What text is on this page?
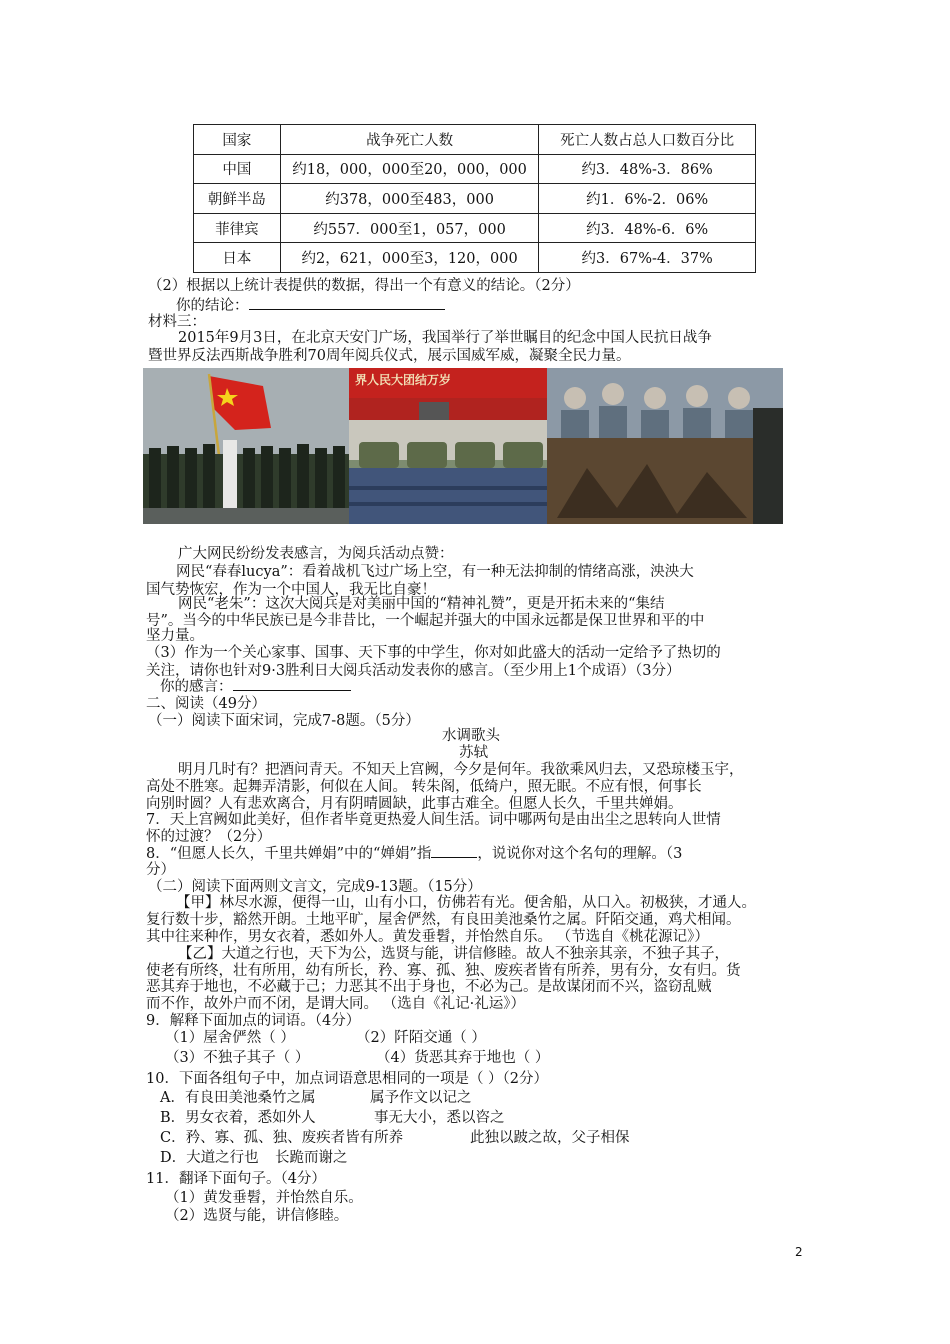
国家	战争死亡人数	死亡人数占总人口数百分比
中国	约18，000，000至20，000，000	约3．48%-3．86%
朝鲜半岛	约378，000至483，000	约1．6%-2．06%
菲律宾	约557．000至1，057，000	约3．48%-6．6%
日本	约2，621，000至3，120，000	约3．67%-4．37%
（2）根据以上统计表提供的数据，得出一个有意义的结论。（2分）
你的结论：
材料三：
2015年9月3日，在北京天安门广场，我国举行了举世瞩目的纪念中国人民抗日战争
暨世界反法西斯战争胜利70周年阅兵仪式，展示国威军威，凝聚全民力量。
界人民大团结万岁
广大网民纷纷发表感言，为阅兵活动点赞：
网民“春春lucya”：看着战机飞过广场上空，有一种无法抑制的情绪高涨，泱泱大
国气势恢宏，作为一个中国人，我无比自豪！
网民“老朱”：这次大阅兵是对美丽中国的“精神礼赞”，更是开拓未来的“集结
号”。当今的中华民族已是今非昔比，一个崛起并强大的中国永远都是保卫世界和平的中
坚力量。
（3）作为一个关心家事、国事、天下事的中学生，你对如此盛大的活动一定给予了热切的
关注，请你也针对9·3胜利日大阅兵活动发表你的感言。（至少用上1个成语）（3分）
你的感言：
二、阅读（49分）
（一）阅读下面宋词，完成7-8题。（5分）
水调歌头
苏轼
明月几时有？把酒问青天。不知天上宫阙，今夕是何年。我欲乘风归去，又恐琼楼玉宇，
高处不胜寒。起舞弄清影，何似在人间。 转朱阁，低绮户，照无眠。不应有恨，何事长
向别时圆？人有悲欢离合，月有阴晴圆缺，此事古难全。但愿人长久，千里共婵娟。
7．天上宫阙如此美好，但作者毕竟更热爱人间生活。词中哪两句是由出尘之思转向人世情
怀的过渡？（2分）
8．“但愿人长久，千里共婵娟”中的“婵娟”指	，说说你对这个名句的理解。（3
分）
（二）阅读下面两则文言文，完成9-13题。（15分）
【甲】林尽水源，便得一山，山有小口，仿佛若有光。便舍船，从口入。初极狭，才通人。
复行数十步，豁然开朗。土地平旷，屋舍俨然，有良田美池桑竹之属。阡陌交通，鸡犬相闻。
其中往来种作，男女衣着，悉如外人。黄发垂髫，并怡然自乐。 （节选自《桃花源记》）
【乙】大道之行也，天下为公，选贤与能，讲信修睦。故人不独亲其亲，不独子其子，
使老有所终，壮有所用，幼有所长，矜、寡、孤、独、废疾者皆有所养，男有分，女有归。货
恶其弃于地也，不必藏于己；力恶其不出于身也，不必为己。是故谋闭而不兴，盗窃乱贼
而不作，故外户而不闭，是谓大同。 （选自《礼记·礼运》）
9．解释下面加点的词语。（4分）
（1）屋舍俨然（ ）	（2）阡陌交通（ ）
（3）不独子其子（ ）	（4）货恶其弃于地也（ ）
10．下面各组句子中，加点词语意思相同的一项是（ ）（2分）
A．有良田美池桑竹之属	属予作文以记之
B．男女衣着，悉如外人	事无大小，悉以咨之
C．矜、寡、孤、独、废疾者皆有所养	此独以跛之故，父子相保
D．大道之行也 长跪而谢之
11．翻译下面句子。（4分）
（1）黄发垂髫，并怡然自乐。
（2）选贤与能，讲信修睦。
2
